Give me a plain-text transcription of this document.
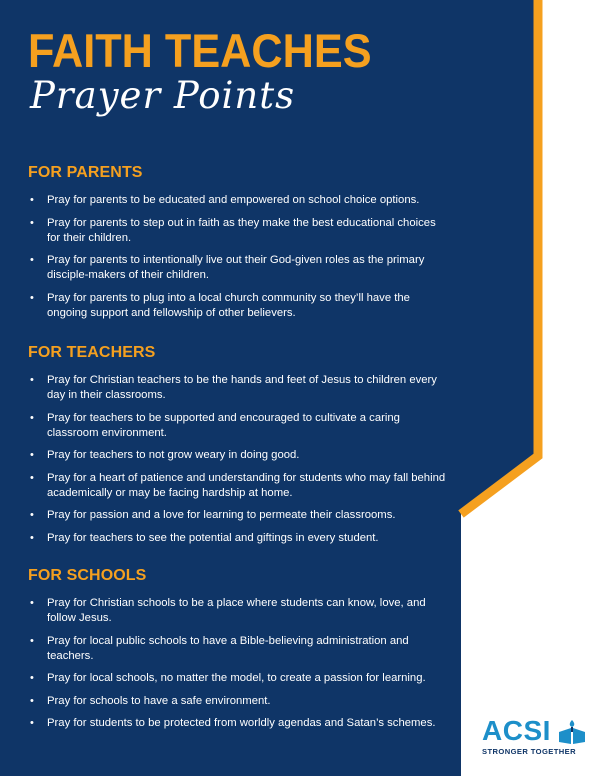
FAITH TEACHES
Prayer Points
FOR PARENTS
• Pray for parents to be educated and empowered on school choice options.
• Pray for parents to step out in faith as they make the best educational choices for their children.
• Pray for parents to intentionally live out their God-given roles as the primary disciple-makers of their children.
• Pray for parents to plug into a local church community so they’ll have the ongoing support and fellowship of other believers.
FOR TEACHERS
• Pray for Christian teachers to be the hands and feet of Jesus to children every day in their classrooms.
• Pray for teachers to be supported and encouraged to cultivate a caring classroom environment.
• Pray for teachers to not grow weary in doing good.
• Pray for a heart of patience and understanding for students who may fall behind academically or may be facing hardship at home.
• Pray for passion and a love for learning to permeate their classrooms.
• Pray for teachers to see the potential and giftings in every student.
FOR SCHOOLS
• Pray for Christian schools to be a place where students can know, love, and follow Jesus.
• Pray for local public schools to have a Bible-believing administration and teachers.
• Pray for local schools, no matter the model, to create a passion for learning.
• Pray for schools to have a safe environment.
• Pray for students to be protected from worldly agendas and Satan’s schemes.	ACSI
STRONGER TOGETHER
